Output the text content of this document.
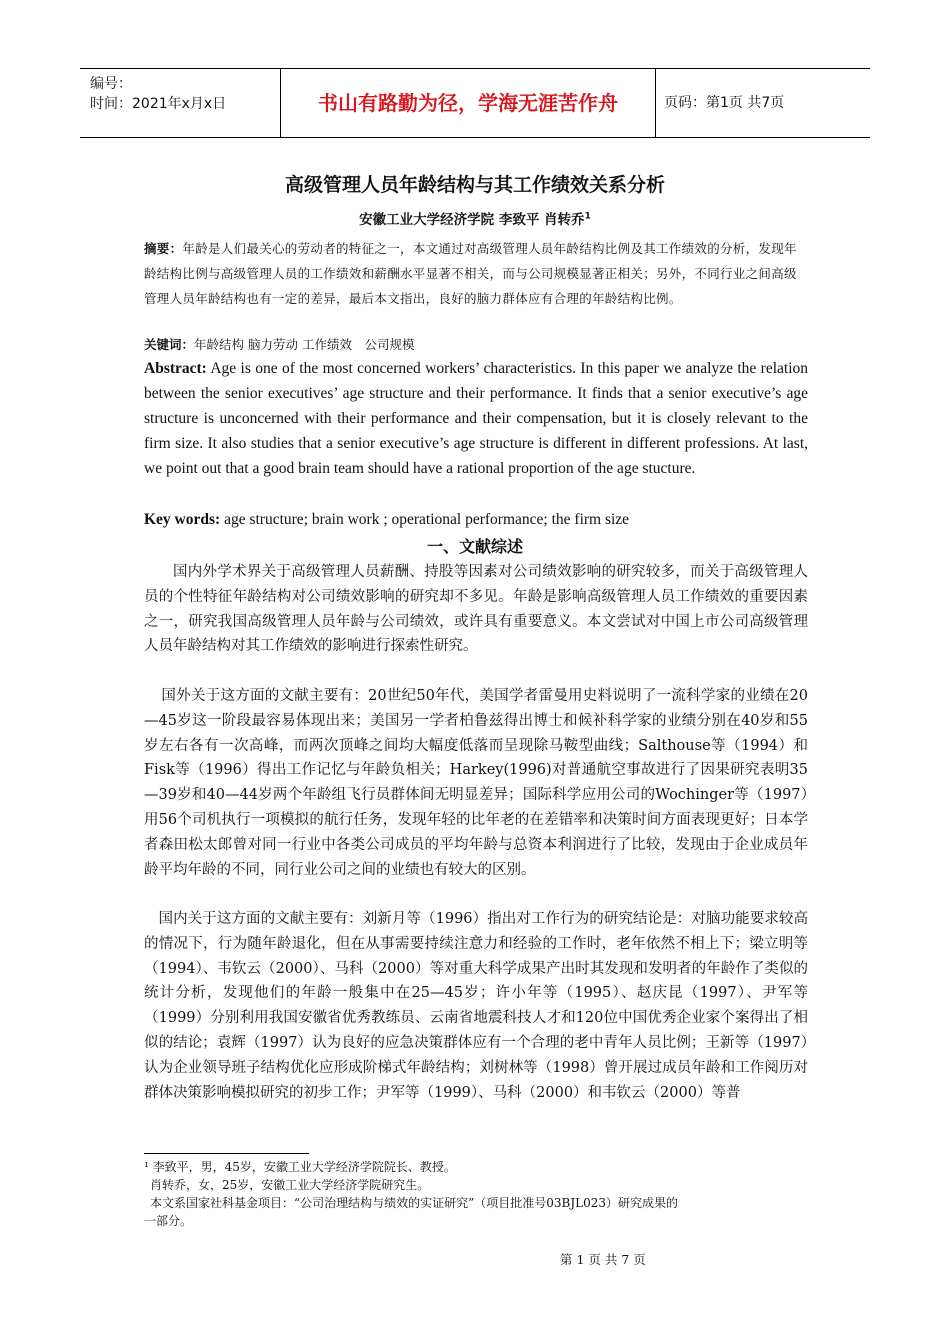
编号：
时间：2021年x月x日	书山有路勤为径，学海无涯苦作舟	页码：第1页 共7页
高级管理人员年龄结构与其工作绩效关系分析
安徽工业大学经济学院 李致平 肖转乔$^1$
摘要：年龄是人们最关心的劳动者的特征之一，本文通过对高级管理人员年龄结构比例及其工作绩效的分析，发现年龄结构比例与高级管理人员的工作绩效和薪酬水平显著不相关，而与公司规模显著正相关；另外，不同行业之间高级管理人员年龄结构也有一定的差异，最后本文指出，良好的脑力群体应有合理的年龄结构比例。
关键词：年龄结构 脑力劳动 工作绩效　公司规模
Abstract: Age is one of the most concerned workers’ characteristics. In this paper we analyze the relation between the senior executives’ age structure and their performance. It finds that a senior executive’s age structure is unconcerned with their performance and their compensation, but it is closely relevant to the firm size. It also studies that a senior executive’s age structure is different in different professions. At last, we point out that a good brain team should have a rational proportion of the age stucture.
Key words: age structure; brain work ; operational performance; the firm size
一、文献综述
国内外学术界关于高级管理人员薪酬、持股等因素对公司绩效影响的研究较多，而关于高级管理人员的个性特征年龄结构对公司绩效影响的研究却不多见。年龄是影响高级管理人员工作绩效的重要因素之一，研究我国高级管理人员年龄与公司绩效，或许具有重要意义。本文尝试对中国上市公司高级管理人员年龄结构对其工作绩效的影响进行探索性研究。
国外关于这方面的文献主要有：20世纪50年代，美国学者雷曼用史料说明了一流科学家的业绩在20—45岁这一阶段最容易体现出来；美国另一学者柏鲁兹得出博士和候补科学家的业绩分别在40岁和55岁左右各有一次高峰，而两次顶峰之间均大幅度低落而呈现除马鞍型曲线；Salthouse等（1994）和Fisk等（1996）得出工作记忆与年龄负相关；Harkey(1996)对普通航空事故进行了因果研究表明35—39岁和40—44岁两个年龄组飞行员群体间无明显差异；国际科学应用公司的Wochinger等（1997）用56个司机执行一项模拟的航行任务，发现年轻的比年老的在差错率和决策时间方面表现更好；日本学者森田松太郎曾对同一行业中各类公司成员的平均年龄与总资本利润进行了比较，发现由于企业成员年龄平均年龄的不同，同行业公司之间的业绩也有较大的区别。
国内关于这方面的文献主要有：刘新月等（1996）指出对工作行为的研究结论是：对脑功能要求较高的情况下，行为随年龄退化，但在从事需要持续注意力和经验的工作时，老年依然不相上下；梁立明等（1994）、韦钦云（2000）、马科（2000）等对重大科学成果产出时其发现和发明者的年龄作了类似的统计分析，发现他们的年龄一般集中在25—45岁；许小年等（1995）、赵庆昆（1997）、尹军等（1999）分别利用我国安徽省优秀教练员、云南省地震科技人才和120位中国优秀企业家个案得出了相似的结论；袁辉（1997）认为良好的应急决策群体应有一个合理的老中青年人员比例；王新等（1997）认为企业领导班子结构优化应形成阶梯式年龄结构；刘树林等（1998）曾开展过成员年龄和工作阅历对群体决策影响模拟研究的初步工作；尹军等（1999）、马科（2000）和韦钦云（2000）等普
¹ 李致平，男，45岁，安徽工业大学经济学院院长、教授。
肖转乔，女，25岁，安徽工业大学经济学院研究生。
本文系国家社科基金项目：“公司治理结构与绩效的实证研究”（项目批准号03BJL023）研究成果的
一部分。
第 1 页 共 7 页
